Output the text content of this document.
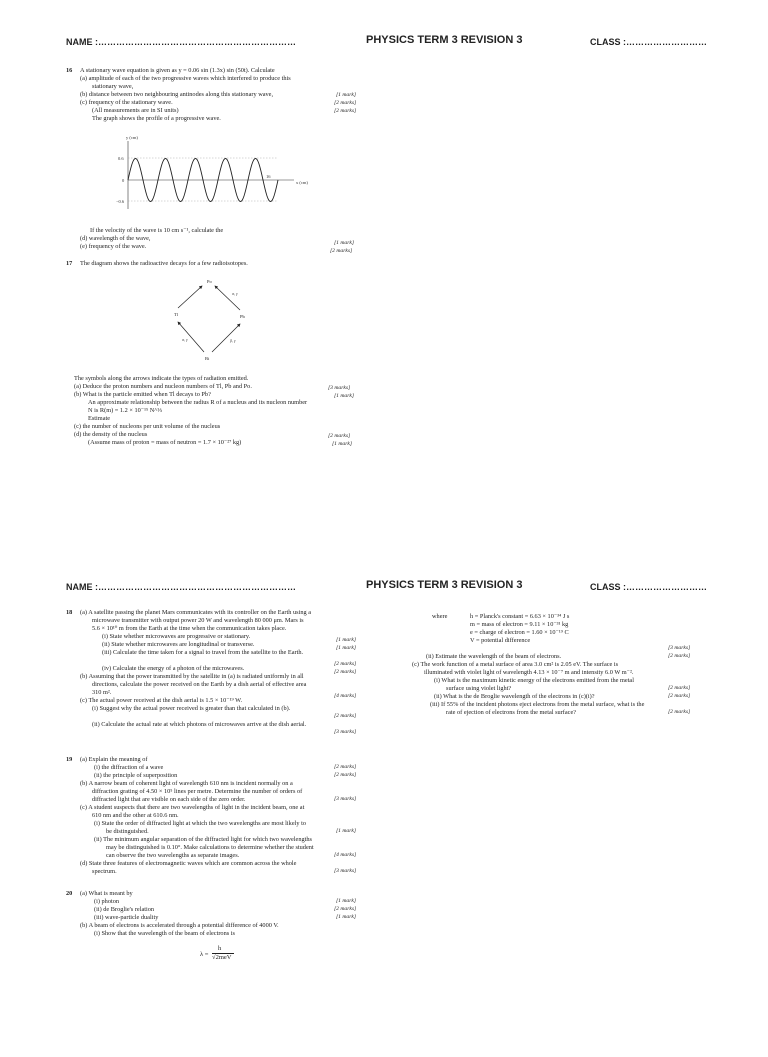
NAME :…………………………………………………………	PHYSICS TERM 3 REVISION 3	CLASS :………………………
16 A stationary wave equation is given as y = 0.06 sin (1.3x) sin (50t). Calculate
(a) amplitude of each of the two progressive waves which interfered to produce this
stationary wave,
(b) distance between two neighbouring antinodes along this stationary wave,
(c) frequency of the stationary wave.
(All measurements are in SI units)
The graph shows the profile of a progressive wave.
[1 mark]
[2 marks]
[2 marks]
y (cm)
x (cm)
0.6
0
−0.6
16
If the velocity of the wave is 10 cm s⁻¹, calculate the
(d) wavelength of the wave,
(e) frequency of the wave.	[1 mark]
[2 marks]
17 The diagram shows the radioactive decays for a few radioisotopes.
Po
Tl	Pb
Bi
α, γ
α, γ	β, γ
The symbols along the arrows indicate the types of radiation emitted.
(a) Deduce the proton numbers and nucleon numbers of Tl, Pb and Po.
(b) What is the particle emitted when Tl decays to Pb?
An approximate relationship between the radius R of a nucleus and its nucleon number
N is R(m) = 1.2 × 10⁻¹⁵ N^⅓
Estimate
(c) the number of nucleons per unit volume of the nucleus
(d) the density of the nucleus
(Assume mass of proton = mass of neutron = 1.7 × 10⁻²⁷ kg)
[3 marks]
[1 mark]
[2 marks]
[1 mark]
NAME :…………………………………………………………	PHYSICS TERM 3 REVISION 3	CLASS :………………………
18 (a) A satellite passing the planet Mars communicates with its controller on the Earth using a
microwave transmitter with output power 20 W and wavelength 80 000 μm. Mars is
5.6 × 10¹⁰ m from the Earth at the time when the communication takes place.
(i) State whether microwaves are progressive or stationary.
(ii) State whether microwaves are longitudinal or transverse.
(iii) Calculate the time taken for a signal to travel from the satellite to the Earth.
(iv) Calculate the energy of a photon of the microwaves.
(b) Assuming that the power transmitted by the satellite in (a) is radiated uniformly in all
directions, calculate the power received on the Earth by a dish aerial of effective area
310 m².
(c) The actual power received at the dish aerial is 1.5 × 10⁻¹⁹ W.
(i) Suggest why the actual power received is greater than that calculated in (b).
(ii) Calculate the actual rate at which photons of microwaves arrive at the dish aerial.
[1 mark]
[1 mark]
[2 marks]
[2 marks]
[4 marks]
[2 marks]
[3 marks]
19 (a) Explain the meaning of
(i) the diffraction of a wave
(ii) the principle of superposition
(b) A narrow beam of coherent light of wavelength 610 nm is incident normally on a
diffraction grating of 4.50 × 10⁵ lines per metre. Determine the number of orders of
diffracted light that are visible on each side of the zero order.
(c) A student suspects that there are two wavelengths of light in the incident beam, one at
610 nm and the other at 610.6 nm.
(i) State the order of diffracted light at which the two wavelengths are most likely to
be distinguished.
(ii) The minimum angular separation of the diffracted light for which two wavelengths
may be distinguished is 0.10°. Make calculations to determine whether the student
can observe the two wavelengths as separate images.
(d) State three features of electromagnetic waves which are common across the whole
spectrum.
[2 marks]
[2 marks]
[3 marks]
[1 mark]
[4 marks]
[3 marks]
20 (a) What is meant by
(i) photon
(ii) de Broglie's relation
(iii) wave-particle duality
(b) A beam of electrons is accelerated through a potential difference of 4000 V.
(i) Show that the wavelength of the beam of electrons is
[1 mark]
[2 marks]
[1 mark]
λ =
h
√2meV
where	h = Planck's constant = 6.63 × 10⁻³⁴ J s
m = mass of electron = 9.11 × 10⁻³¹ kg
e = charge of electron = 1.60 × 10⁻¹⁹ C
V = potential difference
[3 marks]
(ii) Estimate the wavelength of the beam of electrons.
(c) The work function of a metal surface of area 3.0 cm² is 2.05 eV. The surface is
illuminated with violet light of wavelength 4.13 × 10⁻⁷ m and intensity 6.0 W m⁻².
(i) What is the maximum kinetic energy of the electrons emitted from the metal
surface using violet light?
(ii) What is the de Broglie wavelength of the electrons in (c)(i)?
(iii) If 55% of the incident photons eject electrons from the metal surface, what is the
rate of ejection of electrons from the metal surface?
[2 marks]
[2 marks]
[2 marks]
[2 marks]
